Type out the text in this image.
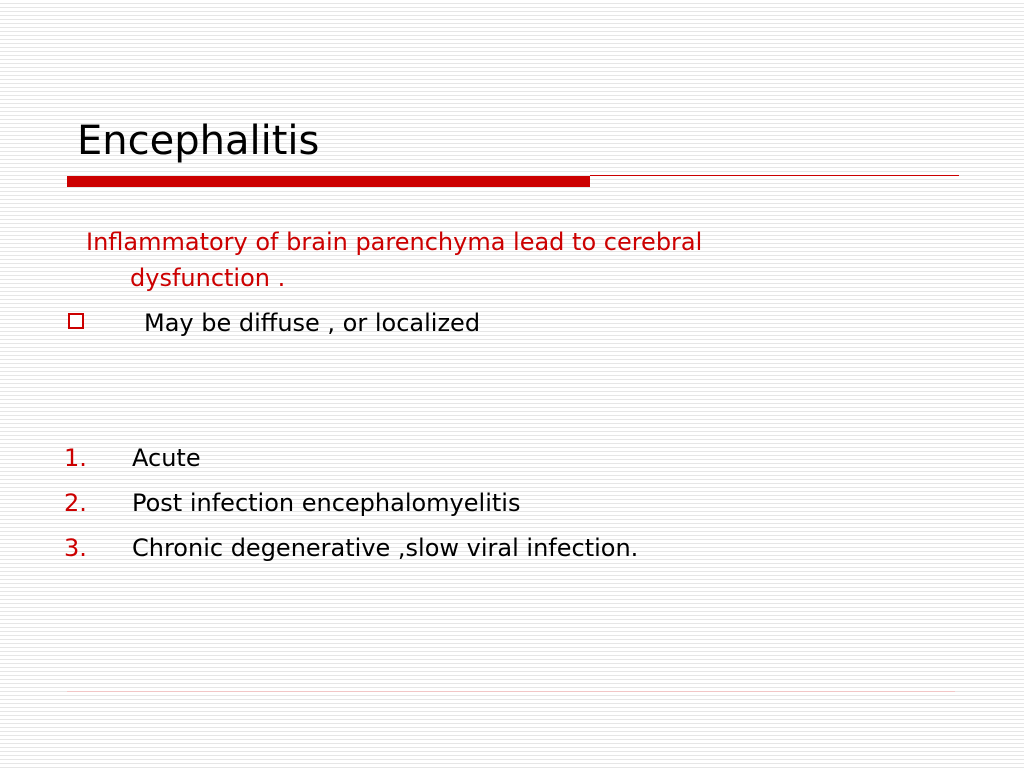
Encephalitis
Inflammatory of brain parenchyma lead to cerebral
dysfunction .
May be diffuse , or localized
1. Acute
2. Post infection encephalomyelitis
3. Chronic degenerative ,slow viral infection.
